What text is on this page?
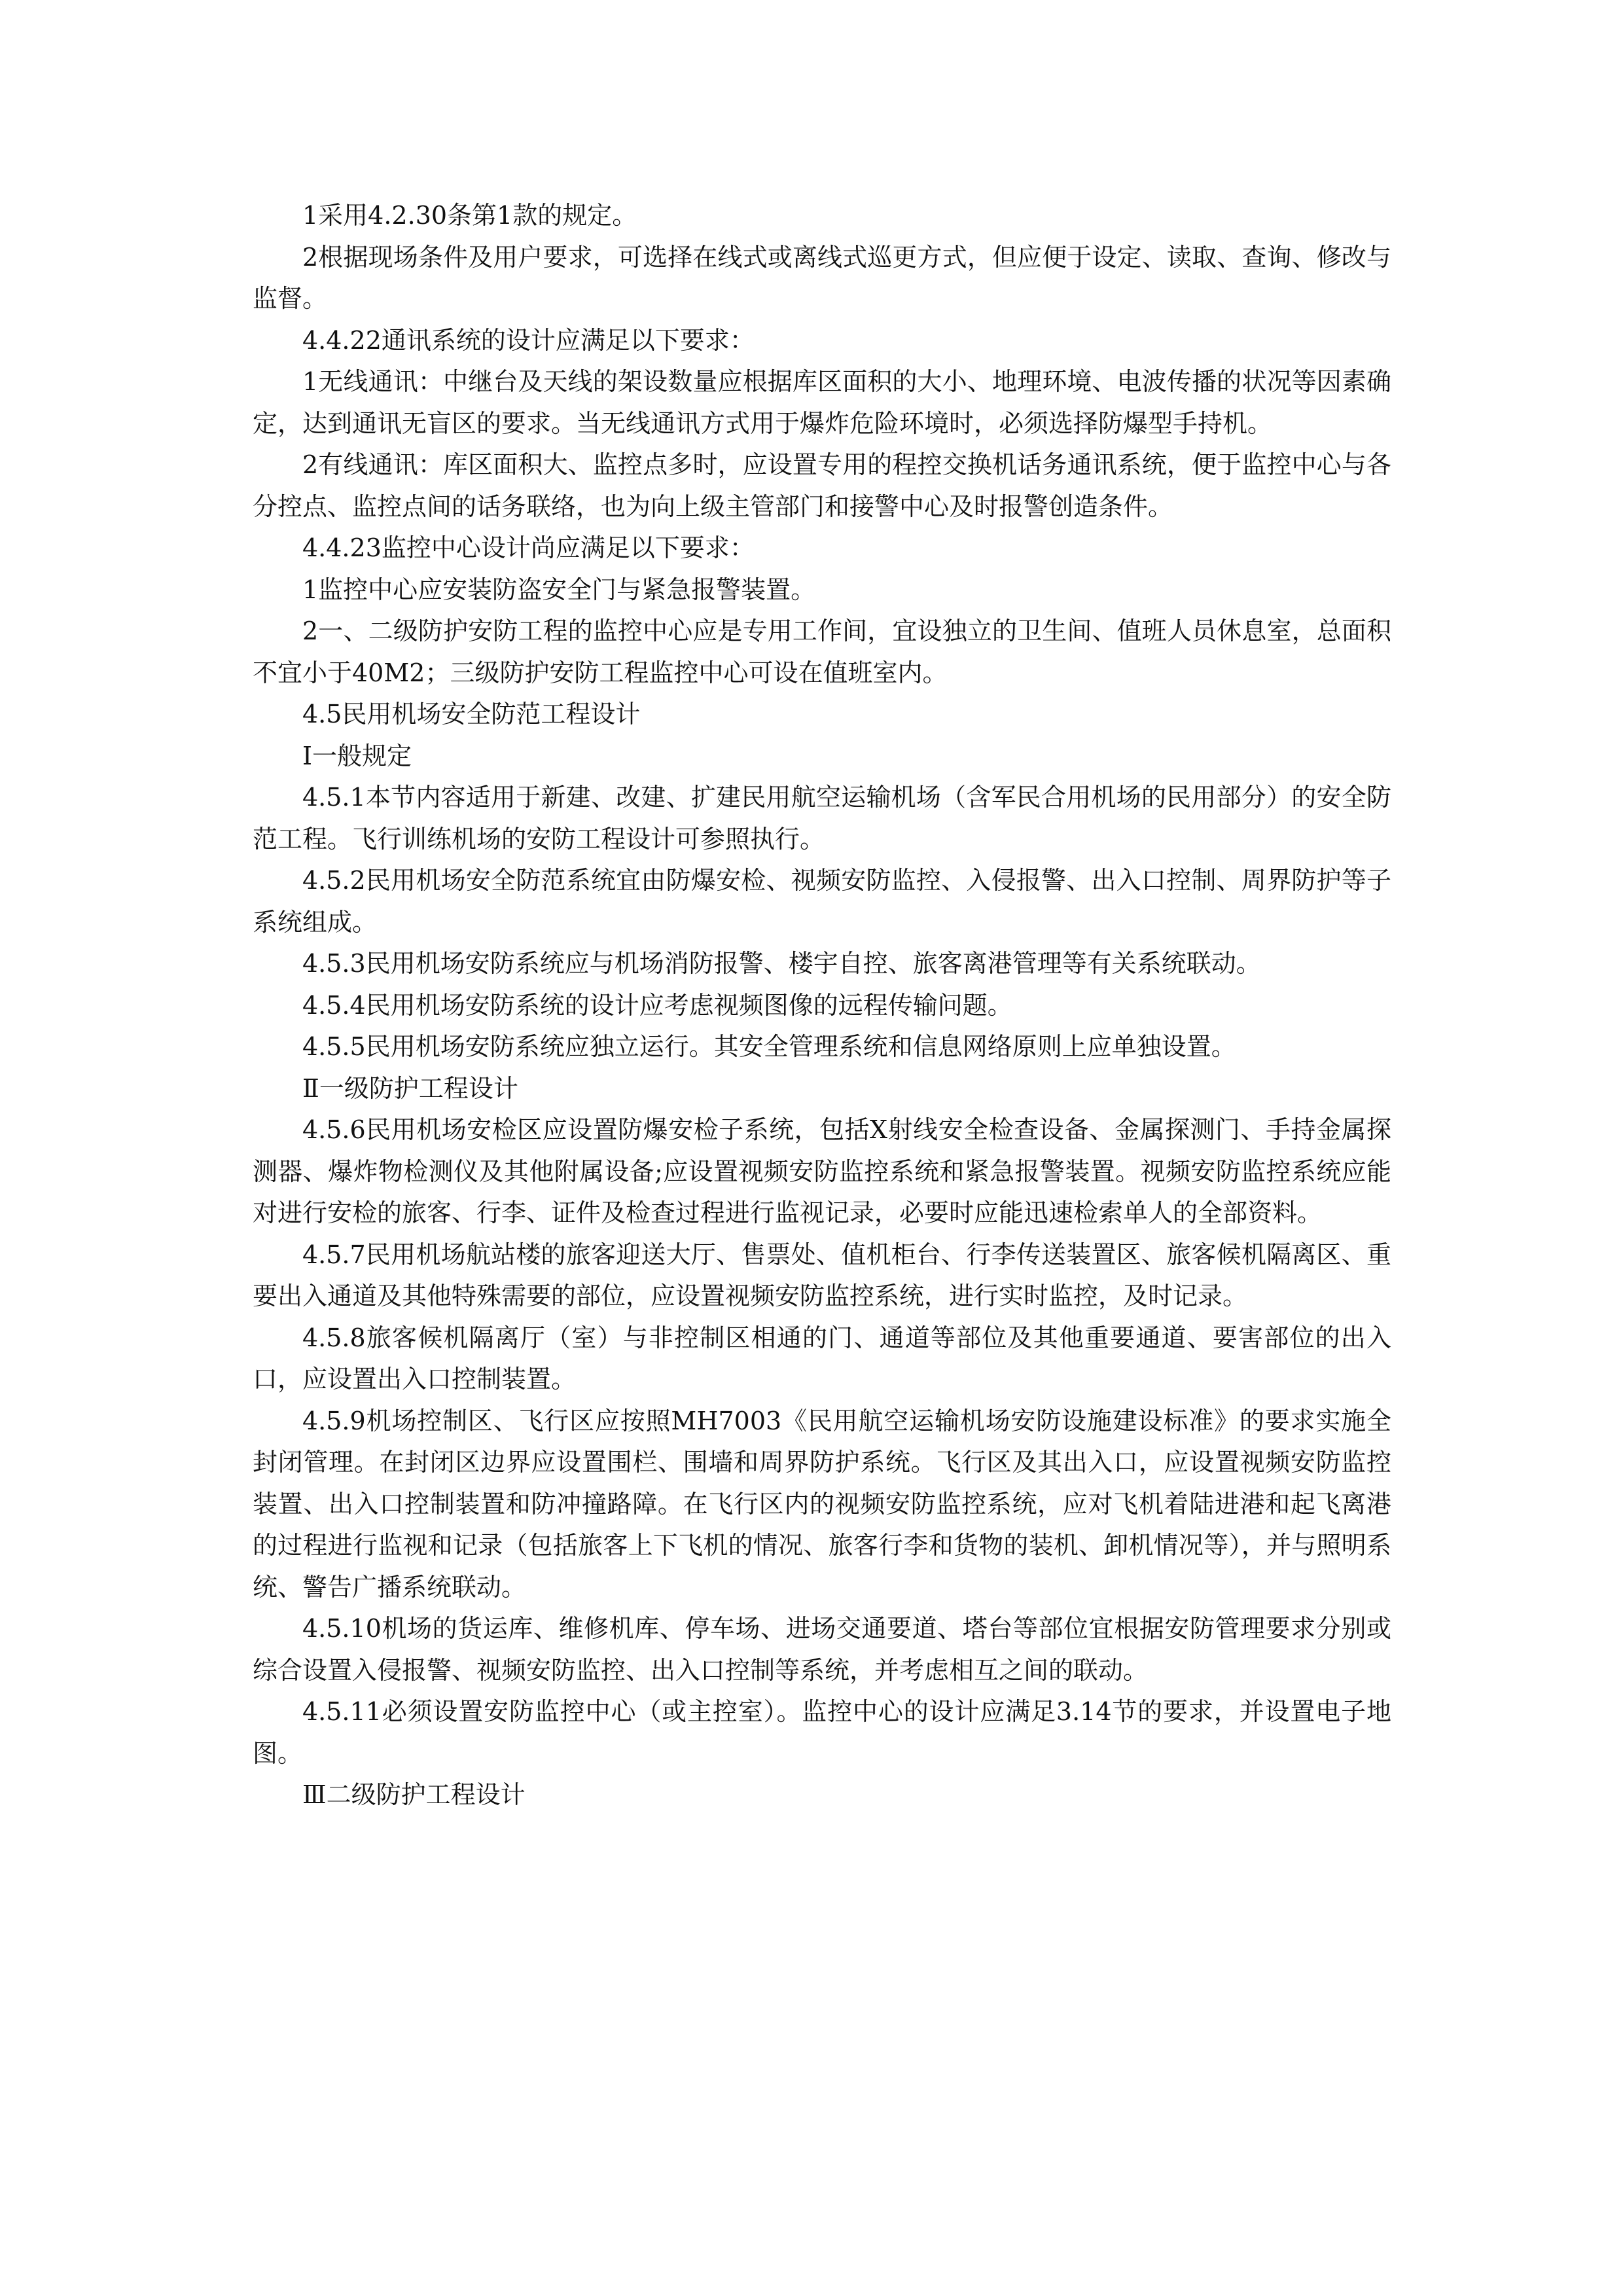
1采用4.2.30条第1款的规定。

2根据现场条件及用户要求，可选择在线式或离线式巡更方式，但应便于设定、读取、查询、修改与监督。

4.4.22通讯系统的设计应满足以下要求：

1无线通讯：中继台及天线的架设数量应根据库区面积的大小、地理环境、电波传播的状况等因素确定，达到通讯无盲区的要求。当无线通讯方式用于爆炸危险环境时，必须选择防爆型手持机。

2有线通讯：库区面积大、监控点多时，应设置专用的程控交换机话务通讯系统，便于监控中心与各分控点、监控点间的话务联络，也为向上级主管部门和接警中心及时报警创造条件。

4.4.23监控中心设计尚应满足以下要求：

1监控中心应安装防盗安全门与紧急报警装置。

2一、二级防护安防工程的监控中心应是专用工作间，宜设独立的卫生间、值班人员休息室，总面积不宜小于40M2；三级防护安防工程监控中心可设在值班室内。

4.5民用机场安全防范工程设计

Ⅰ一般规定

4.5.1本节内容适用于新建、改建、扩建民用航空运输机场（含军民合用机场的民用部分）的安全防范工程。飞行训练机场的安防工程设计可参照执行。

4.5.2民用机场安全防范系统宜由防爆安检、视频安防监控、入侵报警、出入口控制、周界防护等子系统组成。

4.5.3民用机场安防系统应与机场消防报警、楼宇自控、旅客离港管理等有关系统联动。

4.5.4民用机场安防系统的设计应考虑视频图像的远程传输问题。

4.5.5民用机场安防系统应独立运行。其安全管理系统和信息网络原则上应单独设置。

Ⅱ一级防护工程设计

4.5.6民用机场安检区应设置防爆安检子系统，包括X射线安全检查设备、金属探测门、手持金属探测器、爆炸物检测仪及其他附属设备;应设置视频安防监控系统和紧急报警装置。视频安防监控系统应能对进行安检的旅客、行李、证件及检查过程进行监视记录，必要时应能迅速检索单人的全部资料。

4.5.7民用机场航站楼的旅客迎送大厅、售票处、值机柜台、行李传送装置区、旅客候机隔离区、重要出入通道及其他特殊需要的部位，应设置视频安防监控系统，进行实时监控，及时记录。

4.5.8旅客候机隔离厅（室）与非控制区相通的门、通道等部位及其他重要通道、要害部位的出入口，应设置出入口控制装置。

4.5.9机场控制区、飞行区应按照MH7003《民用航空运输机场安防设施建设标准》的要求实施全封闭管理。在封闭区边界应设置围栏、围墙和周界防护系统。飞行区及其出入口，应设置视频安防监控装置、出入口控制装置和防冲撞路障。在飞行区内的视频安防监控系统，应对飞机着陆进港和起飞离港的过程进行监视和记录（包括旅客上下飞机的情况、旅客行李和货物的装机、卸机情况等），并与照明系统、警告广播系统联动。

4.5.10机场的货运库、维修机库、停车场、进场交通要道、塔台等部位宜根据安防管理要求分别或综合设置入侵报警、视频安防监控、出入口控制等系统，并考虑相互之间的联动。

4.5.11必须设置安防监控中心（或主控室）。监控中心的设计应满足3.14节的要求，并设置电子地图。

Ⅲ二级防护工程设计
